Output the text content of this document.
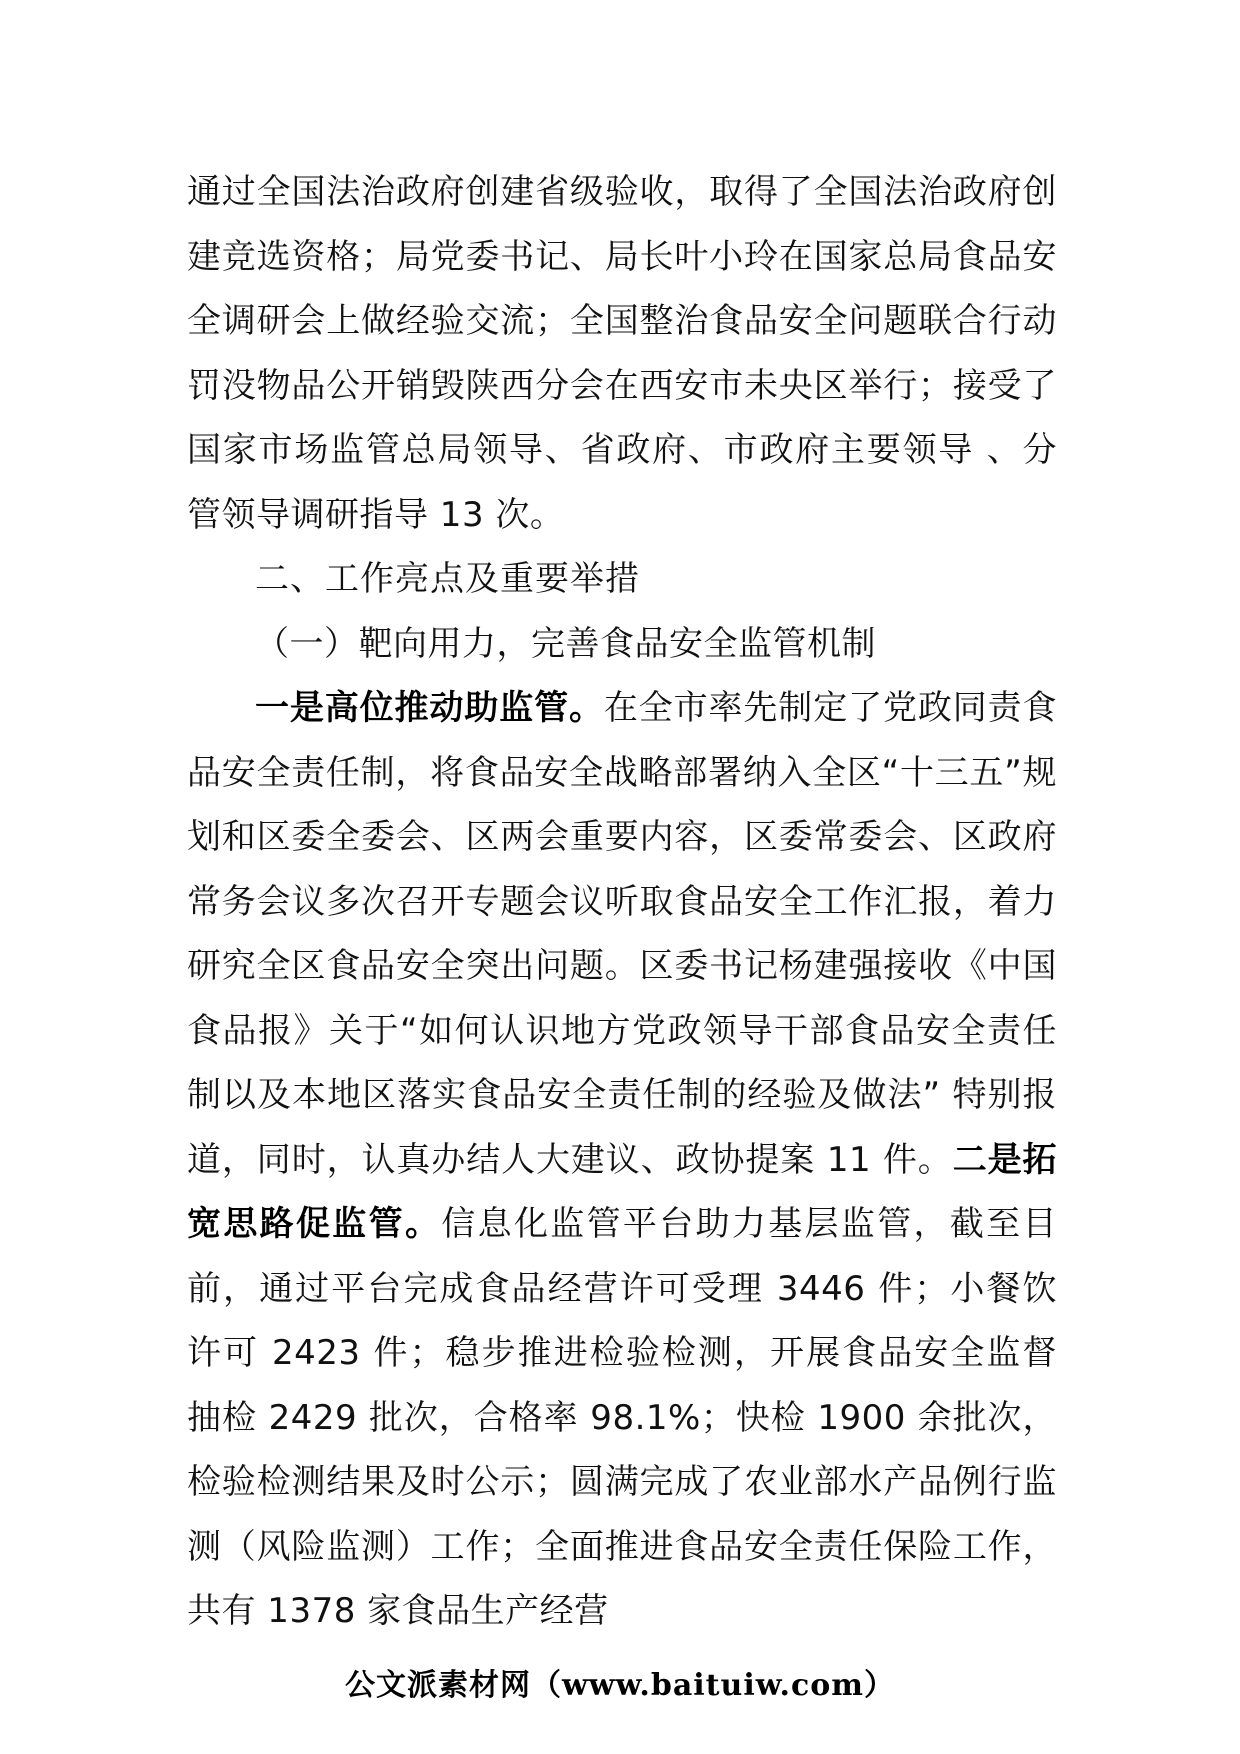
通过全国法治政府创建省级验收，取得了全国法治政府创建竞选资格；局党委书记、局长叶小玲在国家总局食品安全调研会上做经验交流；全国整治食品安全问题联合行动罚没物品公开销毁陕西分会在西安市未央区举行；接受了国家市场监管总局领导、省政府、市政府主要领导 、分管领导调研指导 13 次。

二、工作亮点及重要举措

（一）靶向用力，完善食品安全监管机制

一是高位推动助监管。在全市率先制定了党政同责食品安全责任制，将食品安全战略部署纳入全区“十三五”规划和区委全委会、区两会重要内容，区委常委会、区政府常务会议多次召开专题会议听取食品安全工作汇报，着力研究全区食品安全突出问题。区委书记杨建强接收《中国食品报》关于“如何认识地方党政领导干部食品安全责任制以及本地区落实食品安全责任制的经验及做法” 特别报道，同时，认真办结人大建议、政协提案 11 件。二是拓宽思路促监管。信息化监管平台助力基层监管，截至目前，通过平台完成食品经营许可受理 3446 件；小餐饮许可 2423 件；稳步推进检验检测，开展食品安全监督抽检 2429 批次，合格率 98.1%；快检 1900 余批次，检验检测结果及时公示；圆满完成了农业部水产品例行监测（风险监测）工作；全面推进食品安全责任保险工作，共有 1378 家食品生产经营

公文派素材网（www.baituiw.com）
